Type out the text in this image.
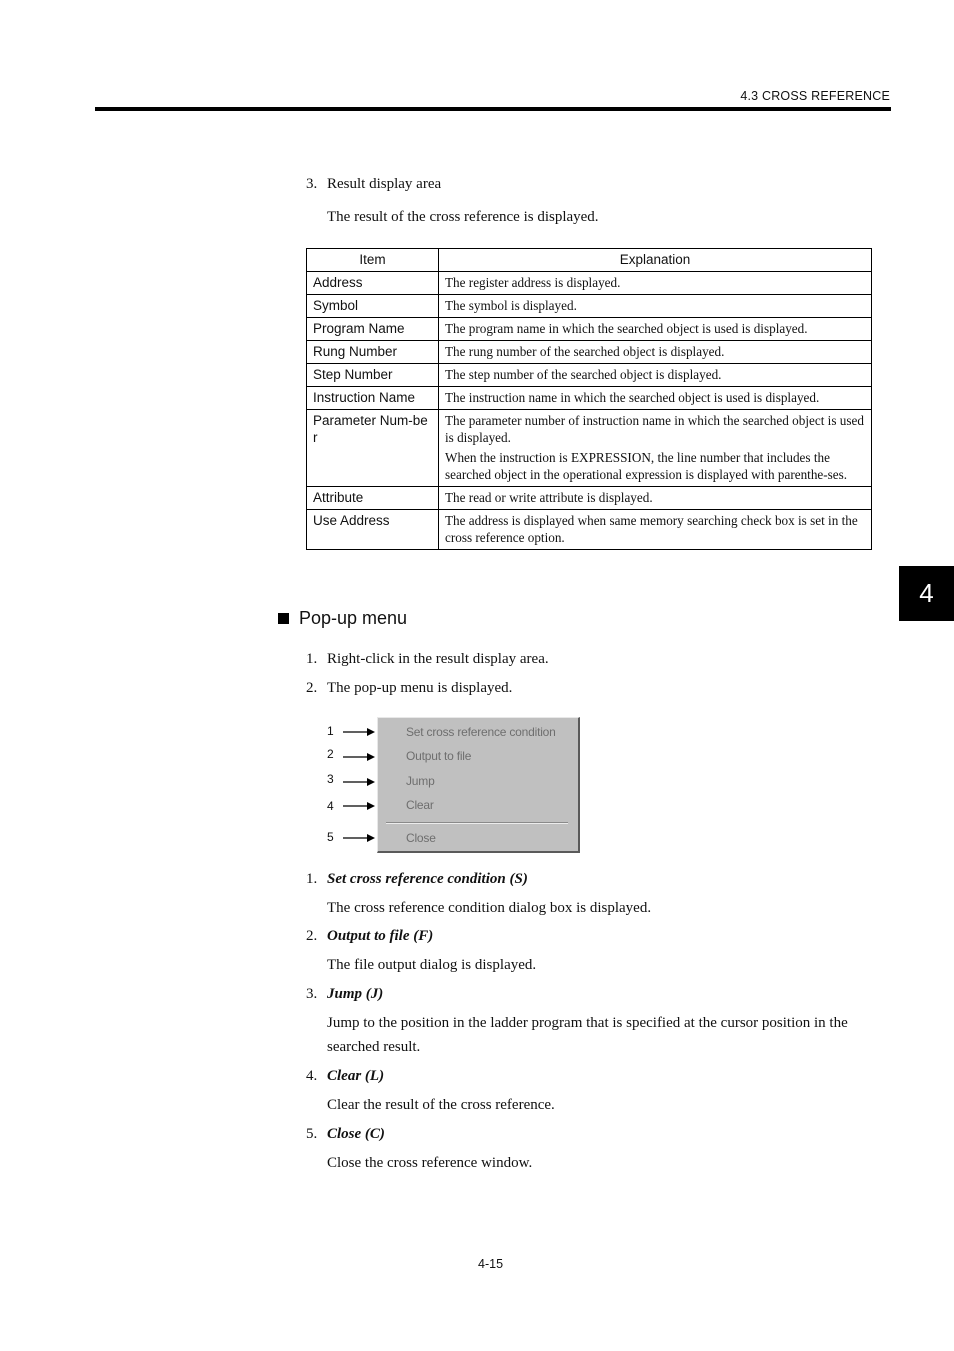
4.3 CROSS REFERENCE
4
3. Result display area
The result of the cross reference is displayed.
Item	Explanation
Address	The register address is displayed.

Symbol	The symbol is displayed.

Program Name	The program name in which the searched object is used is displayed.

Rung Number	The rung number of the searched object is displayed.

Step Number	The step number of the searched object is displayed.

Instruction Name	The instruction name in which the searched object is used is displayed.

Parameter Num-ber	The parameter number of instruction name in which the searched object is used is displayed.

When the instruction is EXPRESSION, the line number that includes the searched object in the operational expression is displayed with parenthe-ses.

Attribute	The read or write attribute is displayed.

Use Address	The address is displayed when same memory searching check box is set in the cross reference option.

Pop-up menu
1. Right-click in the result display area.
2. The pop-up menu is displayed.
1
2
3
4
5
Set cross reference condition
Output to file
Jump
Clear
Close
1. Set cross reference condition (S)
The cross reference condition dialog box is displayed.
2. Output to file (F)
The file output dialog is displayed.
3. Jump (J)
Jump to the position in the ladder program that is specified at the cursor position in the
searched result.
4. Clear (L)
Clear the result of the cross reference.
5. Close (C)
Close the cross reference window.
4-15
